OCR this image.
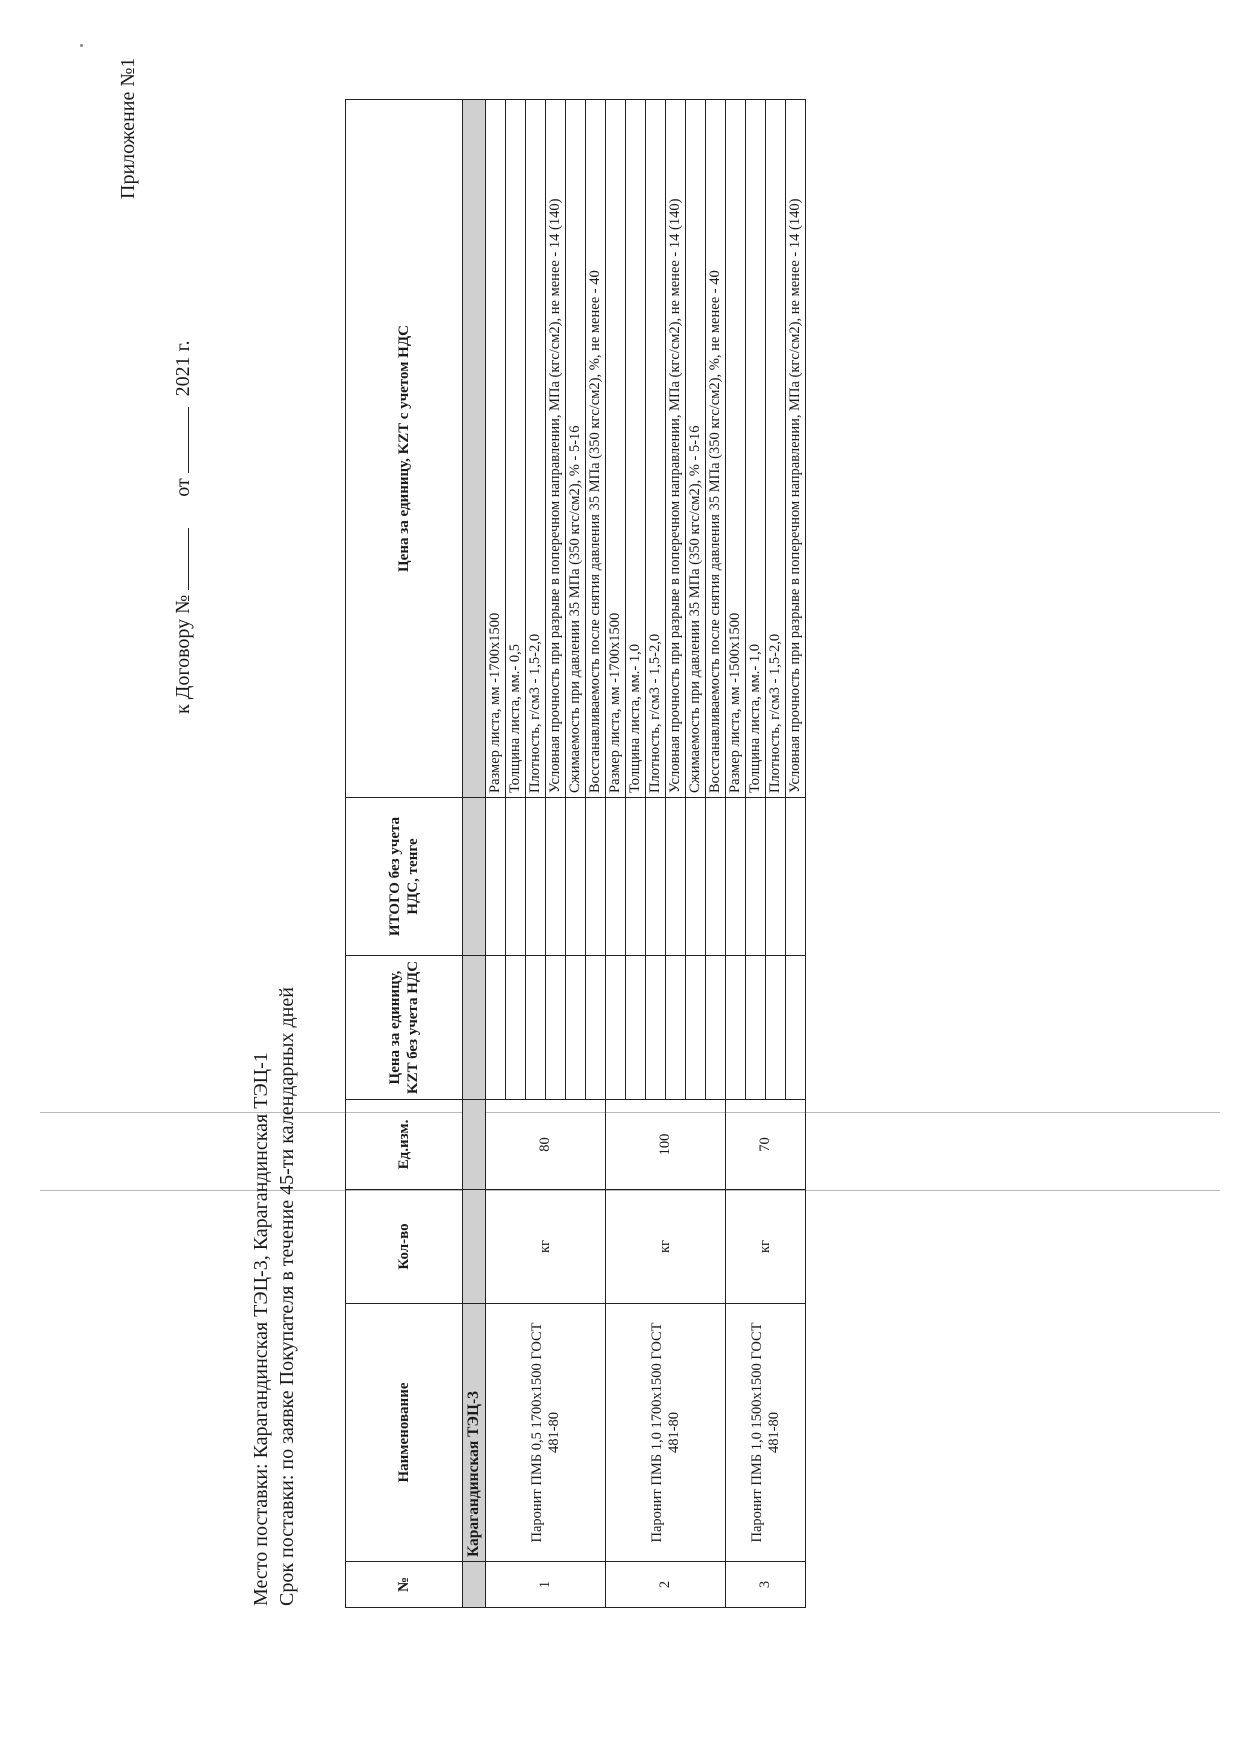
Приложение №1
к Договору №  от  2021 г.
Место поставки: Карагандинская ТЭЦ-3, Карагандинская ТЭЦ-1 Срок поставки: по заявке Покупателя в течение 45-ти календарных дней	№	Наименование	Кол-во	Ед.изм.	Цена за единицу, KZT без учета НДС	ИТОГО без учета НДС, тенге	Цена за единицу, KZT с учетом НДС
	Карагандинская ТЭЦ-3					
1	Паронит ПМБ 0,5 1700х1500 ГОСТ 481-80	кг	80			Размер листа, мм -1700х1500
						Толщина листа, мм.- 0,5
						Плотность, г/см3 - 1,5-2,0
						Условная прочность при разрыве в поперечном направлении, МПа (кгс/см2), не менее - 14 (140)
						Сжимаемость при давлении 35 МПа (350 кгс/см2), % - 5-16
						Восстанавливаемость после снятия давления 35 МПа (350 кгс/см2), %, не менее - 40
2	Паронит ПМБ 1,0 1700х1500 ГОСТ 481-80	кг	100			Размер листа, мм -1700х1500
						Толщина листа, мм.- 1,0
						Плотность, г/см3 - 1,5-2,0
						Условная прочность при разрыве в поперечном направлении, МПа (кгс/см2), не менее - 14 (140)
						Сжимаемость при давлении 35 МПа (350 кгс/см2), % - 5-16
						Восстанавливаемость после снятия давления 35 МПа (350 кгс/см2), %, не менее - 40
3	Паронит ПМБ 1,0 1500х1500 ГОСТ 481-80	кг	70			Размер листа, мм -1500х1500
						Толщина листа, мм.- 1,0
						Плотность, г/см3 - 1,5-2,0
						Условная прочность при разрыве в поперечном направлении, МПа (кгс/см2), не менее - 14 (140)
